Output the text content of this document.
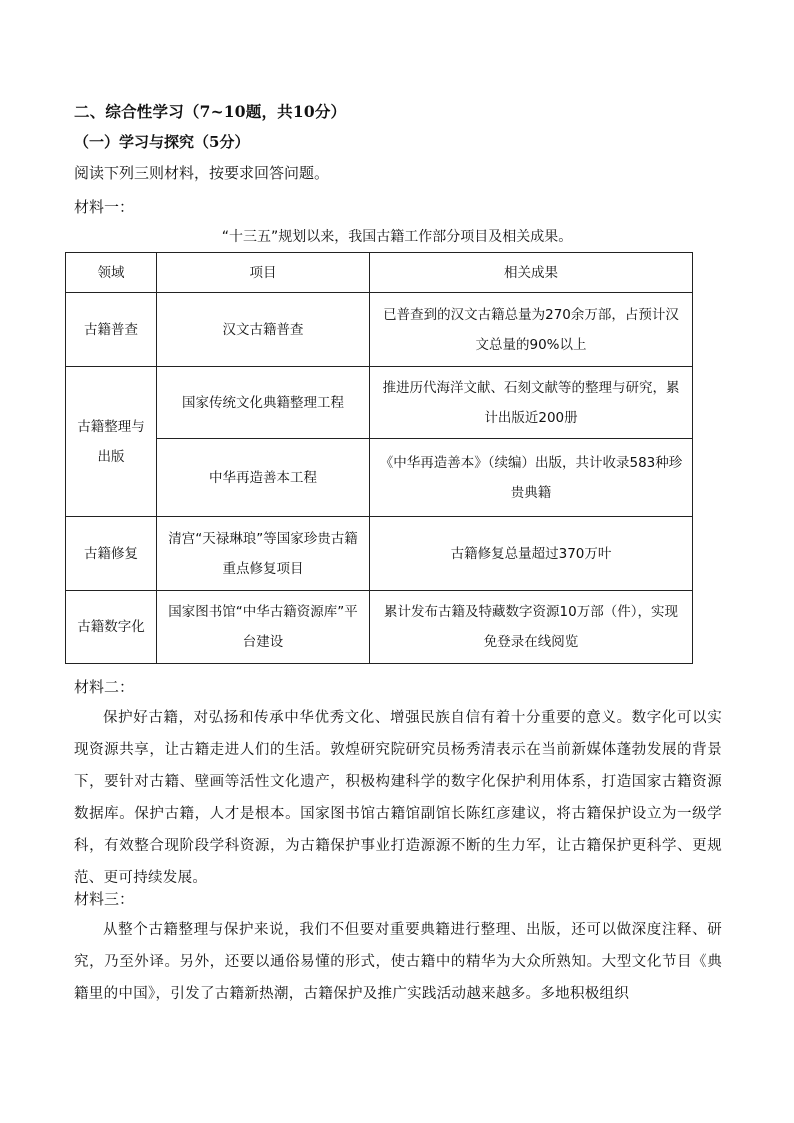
二、综合性学习（7~10题，共10分）
（一）学习与探究（5分）
阅读下列三则材料，按要求回答问题。
材料一：
“十三五”规划以来，我国古籍工作部分项目及相关成果。
领域	项目	相关成果
古籍普查	汉文古籍普查	已普查到的汉文古籍总量为270余万部，占预计汉文总量的90%以上
古籍整理与出版	国家传统文化典籍整理工程	推进历代海洋文献、石刻文献等的整理与研究，累计出版近200册
	中华再造善本工程	《中华再造善本》（续编）出版，共计收录583种珍贵典籍
古籍修复	清宫“天禄琳琅”等国家珍贵古籍重点修复项目	古籍修复总量超过370万叶
古籍数字化	国家图书馆“中华古籍资源库”平台建设	累计发布古籍及特藏数字资源10万部（件），实现免登录在线阅览
材料二：
保护好古籍，对弘扬和传承中华优秀文化、增强民族自信有着十分重要的意义。数字化可以实现资源共享，让古籍走进人们的生活。敦煌研究院研究员杨秀清表示在当前新媒体蓬勃发展的背景下，要针对古籍、壁画等活性文化遗产，积极构建科学的数字化保护利用体系，打造国家古籍资源数据库。保护古籍，人才是根本。国家图书馆古籍馆副馆长陈红彦建议，将古籍保护设立为一级学科，有效整合现阶段学科资源，为古籍保护事业打造源源不断的生力军，让古籍保护更科学、更规范、更可持续发展。
材料三：
从整个古籍整理与保护来说，我们不但要对重要典籍进行整理、出版，还可以做深度注释、研究，乃至外译。另外，还要以通俗易懂的形式，使古籍中的精华为大众所熟知。大型文化节目《典籍里的中国》，引发了古籍新热潮，古籍保护及推广实践活动越来越多。多地积极组织
